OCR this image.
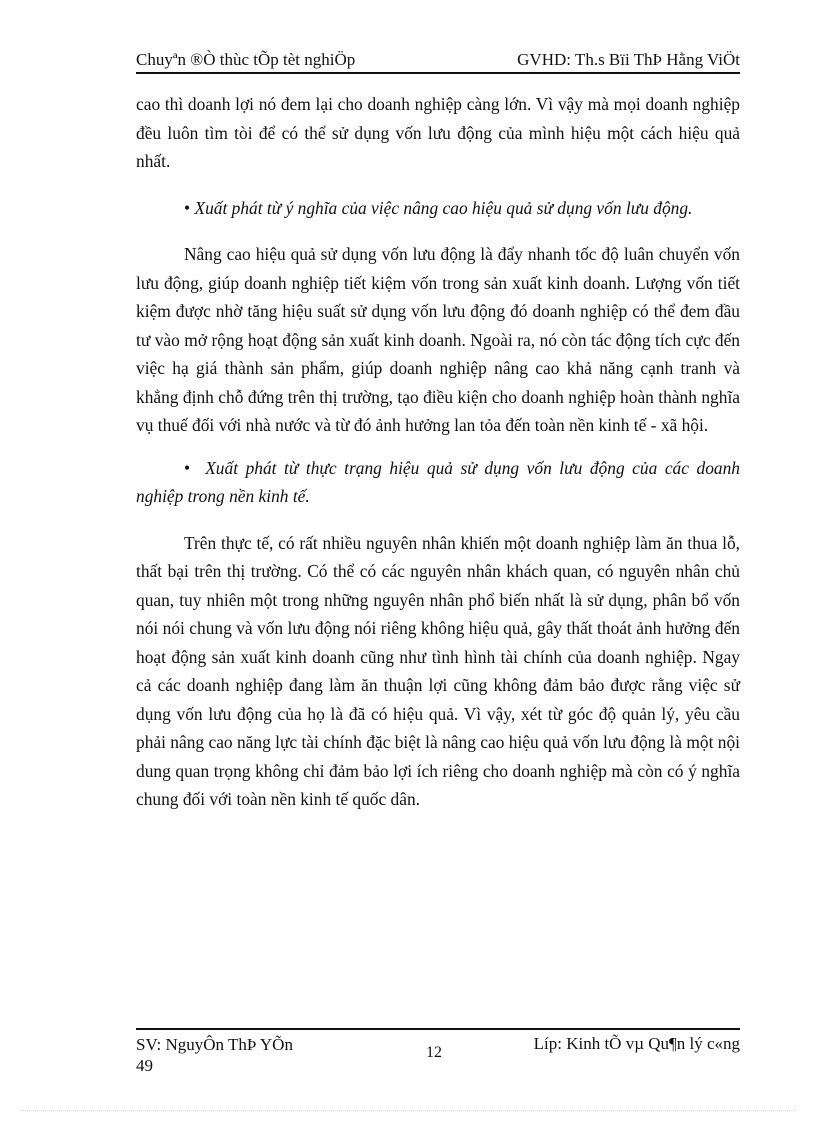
Chuyªn ®Ò thùc tÕp tèt nghiÖp	GVHD: Th.s Bïi ThÞ Hằng ViÖt

cao thì doanh lợi nó đem lại cho doanh nghiệp càng lớn. Vì vậy mà mọi doanh nghiệp đều luôn tìm tòi để có thể sử dụng vốn lưu động của mình hiệu một cách hiệu quả nhất.

• Xuất phát từ ý nghĩa của việc nâng cao hiệu quả sử dụng vốn lưu động.

Nâng cao hiệu quả sử dụng vốn lưu động là đẩy nhanh tốc độ luân chuyển vốn lưu động, giúp doanh nghiệp tiết kiệm vốn trong sản xuất kinh doanh. Lượng vốn tiết kiệm được nhờ tăng hiệu suất sử dụng vốn lưu động đó doanh nghiệp có thể đem đầu tư vào mở rộng hoạt động sản xuất kinh doanh. Ngoài ra, nó còn tác động tích cực đến việc hạ giá thành sản phẩm, giúp doanh nghiệp nâng cao khả năng cạnh tranh và khẳng định chỗ đứng trên thị trường, tạo điều kiện cho doanh nghiệp hoàn thành nghĩa vụ thuế đối với nhà nước và từ đó ảnh hưởng lan tỏa đến toàn nền kinh tế - xã hội.

• Xuất phát từ thực trạng hiệu quả sử dụng vốn lưu động của các doanh nghiệp trong nền kinh tế.

Trên thực tế, có rất nhiều nguyên nhân khiến một doanh nghiệp làm ăn thua lỗ, thất bại trên thị trường. Có thể có các nguyên nhân khách quan, có nguyên nhân chủ quan, tuy nhiên một trong những nguyên nhân phổ biến nhất là sử dụng, phân bổ vốn nói nói chung và vốn lưu động nói riêng không hiệu quả, gây thất thoát ảnh hưởng đến hoạt động sản xuất kinh doanh cũng như tình hình tài chính của doanh nghiệp. Ngay cả các doanh nghiệp đang làm ăn thuận lợi cũng không đảm bảo được rằng việc sử dụng vốn lưu động của họ là đã có hiệu quả. Vì vậy, xét từ góc độ quản lý, yêu cầu phải nâng cao năng lực tài chính đặc biệt là nâng cao hiệu quả vốn lưu động là một nội dung quan trọng không chỉ đảm bảo lợi ích riêng cho doanh nghiệp mà còn có ý nghĩa chung đối với toàn nền kinh tế quốc dân.

SV: NguyÔn ThÞ YÕn
49
12	Líp: Kinh tÕ vµ Qu¶n lý c«ng
